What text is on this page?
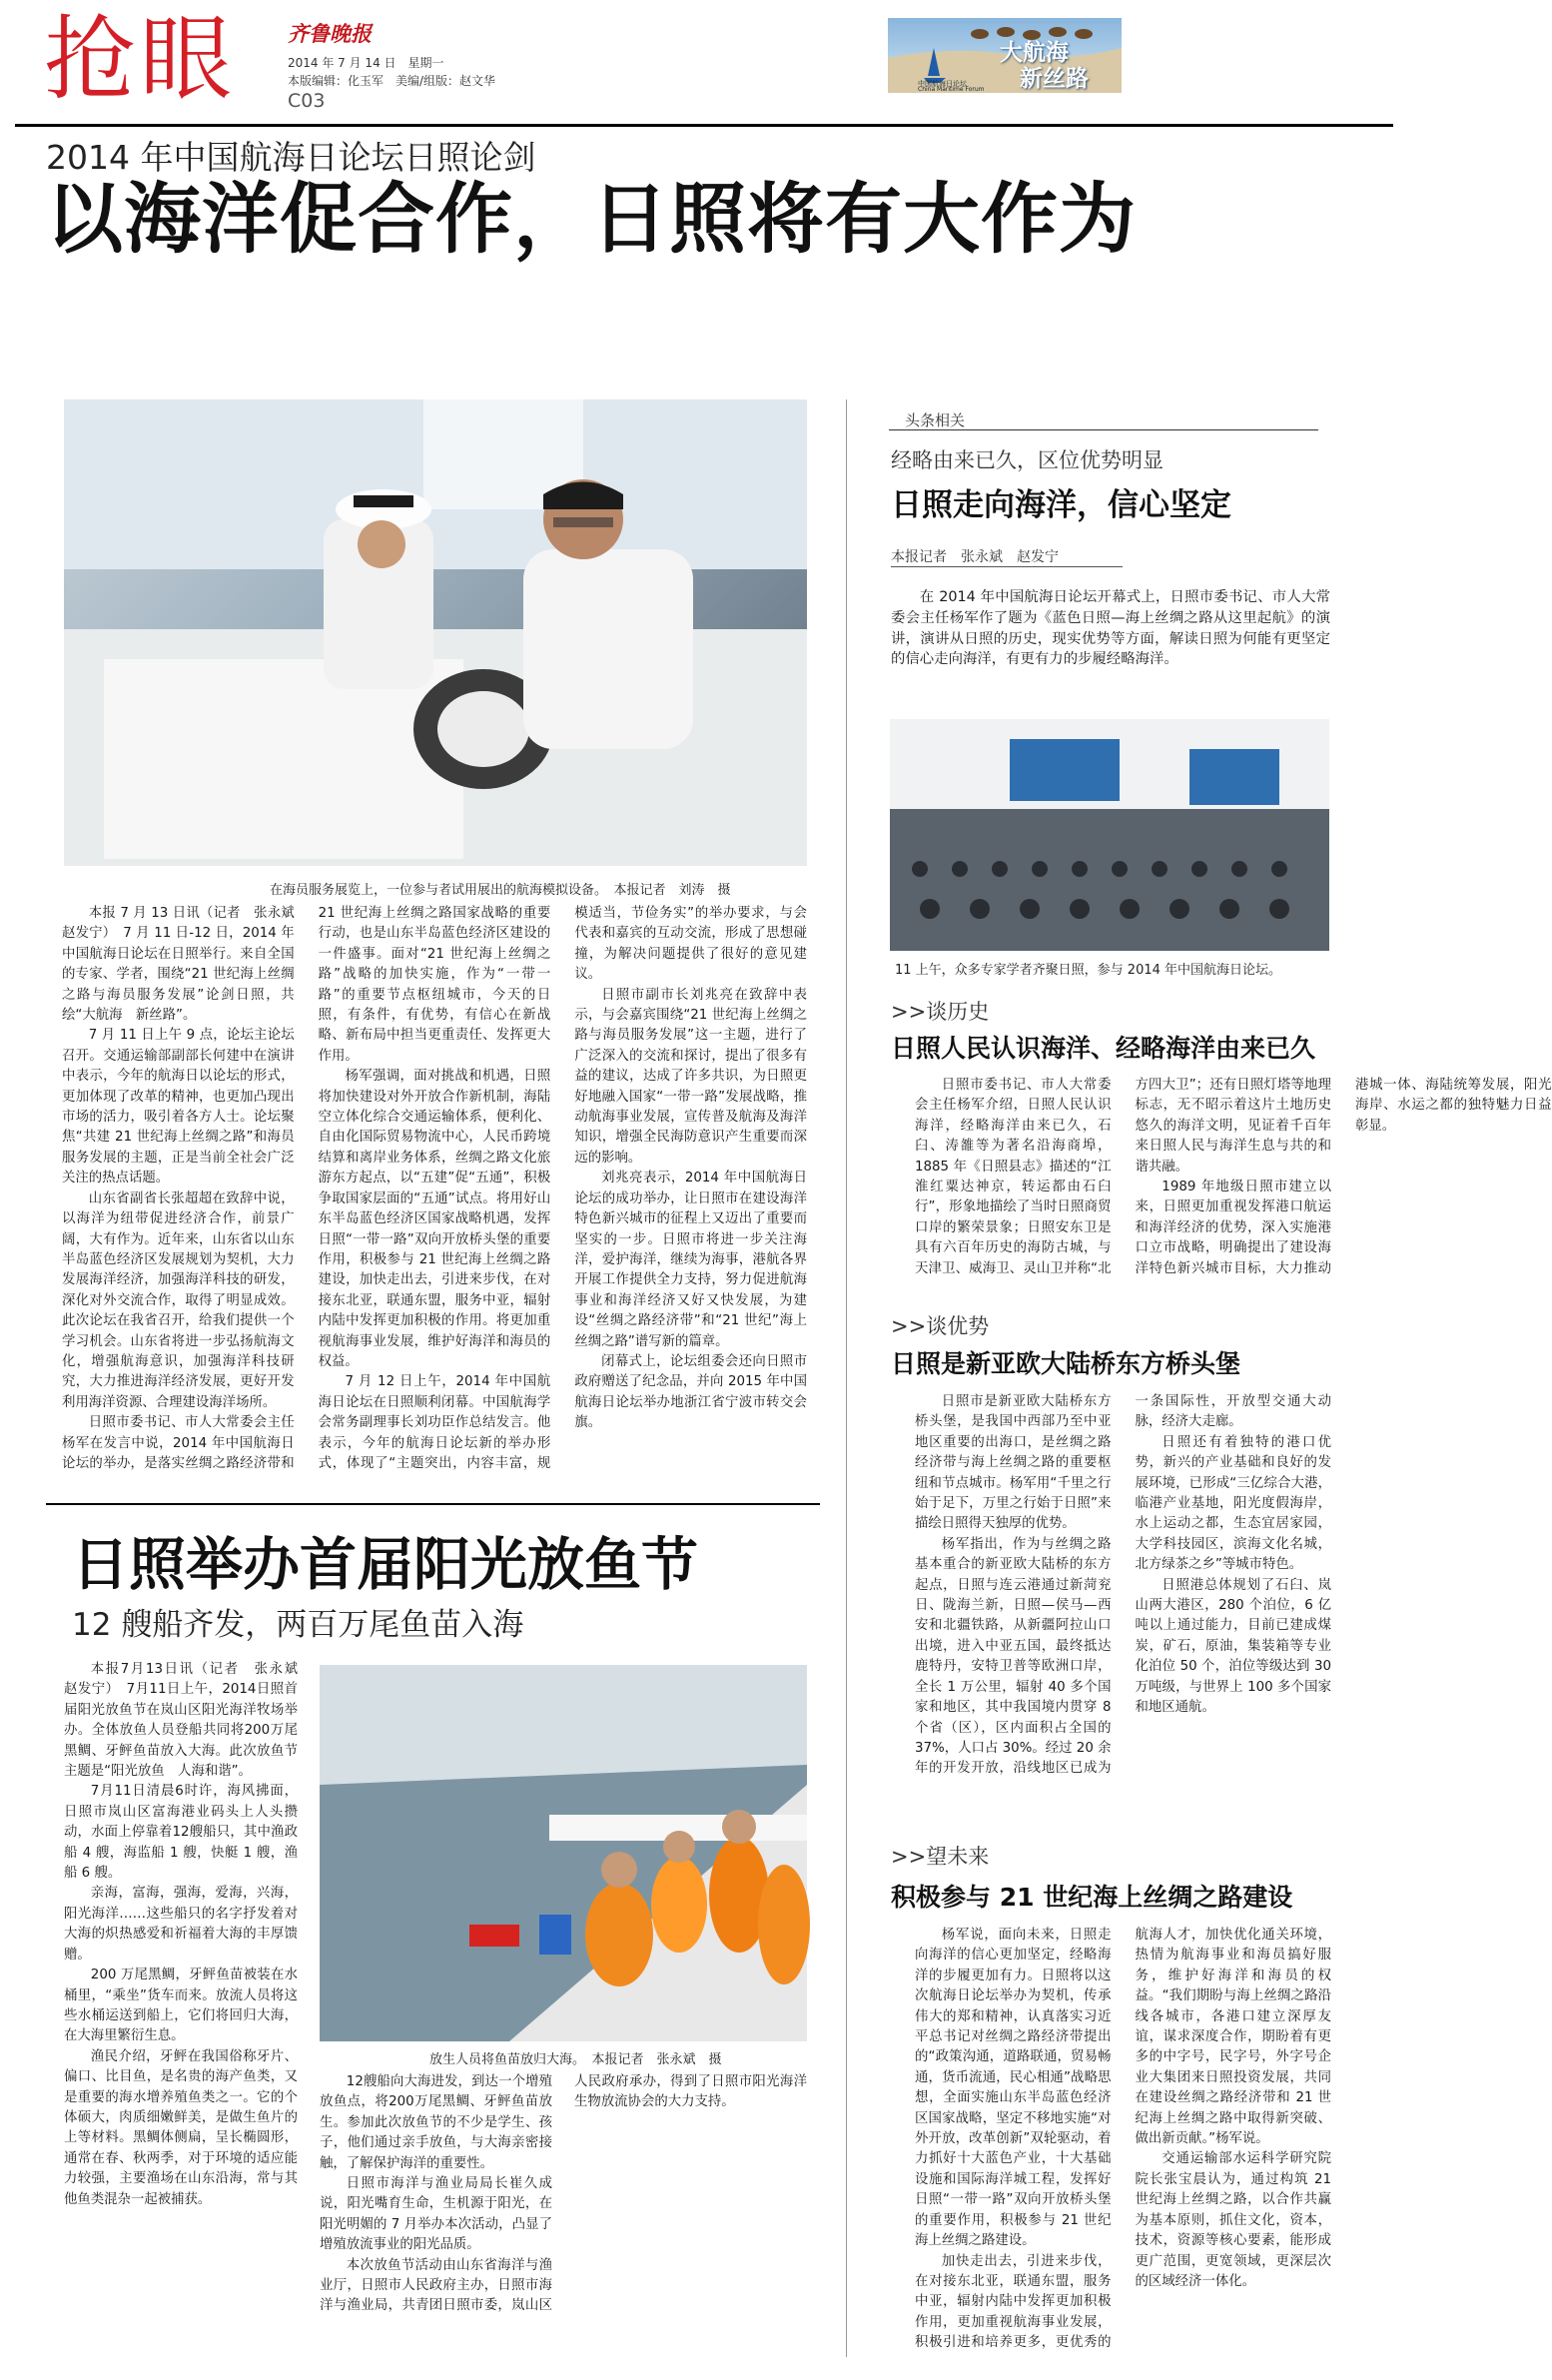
抢眼 齐鲁晚报
2014 年 7 月 14 日　星期一
本版编辑：化玉军　美编/组版：赵文华
C03
大航海
新丝路
中国航海日论坛
China Maritime Forum
2014 年中国航海日论坛日照论剑
以海洋促合作，日照将有大作为
在海员服务展览上，一位参与者试用展出的航海模拟设备。　本报记者　刘涛　摄

本报 7 月 13 日讯（记者　张永斌　赵发宁）　7 月 11 日-12 日，2014 年中国航海日论坛在日照举行。来自全国的专家、学者，围绕“21 世纪海上丝绸之路与海员服务发展”论剑日照，共绘“大航海　新丝路”。

7 月 11 日上午 9 点，论坛主论坛召开。交通运输部副部长何建中在演讲中表示，今年的航海日以论坛的形式，更加体现了改革的精神，也更加凸现出市场的活力，吸引着各方人士。论坛聚焦“共建 21 世纪海上丝绸之路”和海员服务发展的主题，正是当前全社会广泛关注的热点话题。

山东省副省长张超超在致辞中说，以海洋为纽带促进经济合作，前景广阔，大有作为。近年来，山东省以山东半岛蓝色经济区发展规划为契机，大力发展海洋经济，加强海洋科技的研发，深化对外交流合作，取得了明显成效。此次论坛在我省召开，给我们提供一个学习机会。山东省将进一步弘扬航海文化，增强航海意识，加强海洋科技研究，大力推进海洋经济发展，更好开发利用海洋资源、合理建设海洋场所。

日照市委书记、市人大常委会主任杨军在发言中说，2014 年中国航海日论坛的举办，是落实丝绸之路经济带和 21 世纪海上丝绸之路国家战略的重要行动，也是山东半岛蓝色经济区建设的一件盛事。面对“21 世纪海上丝绸之路”战略的加快实施，作为“一带一路”的重要节点枢纽城市，今天的日照，有条件，有优势，有信心在新战略、新布局中担当更重责任、发挥更大作用。

杨军强调，面对挑战和机遇，日照将加快建设对外开放合作新机制，海陆空立体化综合交通运输体系，便利化、自由化国际贸易物流中心，人民币跨境结算和离岸业务体系，丝绸之路文化旅游东方起点，以“五建”促“五通”，积极争取国家层面的“五通”试点。将用好山东半岛蓝色经济区国家战略机遇，发挥日照“一带一路”双向开放桥头堡的重要作用，积极参与 21 世纪海上丝绸之路建设，加快走出去，引进来步伐，在对接东北亚，联通东盟，服务中亚，辐射内陆中发挥更加积极的作用。将更加重视航海事业发展，维护好海洋和海员的权益。

7 月 12 日上午，2014 年中国航海日论坛在日照顺利闭幕。中国航海学会常务副理事长刘功臣作总结发言。他表示，今年的航海日论坛新的举办形式，体现了“主题突出，内容丰富，规模适当，节俭务实”的举办要求，与会代表和嘉宾的互动交流，形成了思想碰撞，为解决问题提供了很好的意见建议。

日照市副市长刘兆亮在致辞中表示，与会嘉宾围绕“21 世纪海上丝绸之路与海员服务发展”这一主题，进行了广泛深入的交流和探讨，提出了很多有益的建议，达成了许多共识，为日照更好地融入国家“一带一路”发展战略，推动航海事业发展，宣传普及航海及海洋知识，增强全民海防意识产生重要而深远的影响。

刘兆亮表示，2014 年中国航海日论坛的成功举办，让日照市在建设海洋特色新兴城市的征程上又迈出了重要而坚实的一步。日照市将进一步关注海洋，爱护海洋，继续为海事，港航各界开展工作提供全力支持，努力促进航海事业和海洋经济又好又快发展，为建设“丝绸之路经济带”和“21 世纪”海上丝绸之路”谱写新的篇章。

闭幕式上，论坛组委会还向日照市政府赠送了纪念品，并向 2015 年中国航海日论坛举办地浙江省宁波市转交会旗。

日照举办首届阳光放鱼节
12 艘船齐发，两百万尾鱼苗入海
放生人员将鱼苗放归大海。　本报记者　张永斌　摄

本报7月13日讯（记者　张永斌　赵发宁）　7月11日上午，2014日照首届阳光放鱼节在岚山区阳光海洋牧场举办。全体放鱼人员登船共同将200万尾黑鲷、牙鲆鱼苗放入大海。此次放鱼节主题是“阳光放鱼　人海和谐”。

7月11日清晨6时许，海风拂面，日照市岚山区富海港业码头上人头攒动，水面上停靠着12艘船只，其中渔政船 4 艘，海监船 1 艘，快艇 1 艘，渔船 6 艘。

亲海，富海，强海，爱海，兴海，阳光海洋……这些船只的名字抒发着对大海的炽热感爱和祈福着大海的丰厚馈赠。

200 万尾黑鲷，牙鲆鱼苗被装在水桶里，“乘坐”货车而来。放流人员将这些水桶运送到船上，它们将回归大海，在大海里繁衍生息。

渔民介绍，牙鲆在我国俗称牙片、偏口、比目鱼，是名贵的海产鱼类，又是重要的海水增养殖鱼类之一。它的个体硕大，肉质细嫩鲜美，是做生鱼片的上等材料。黑鲷体侧扁，呈长椭圆形，通常在春、秋两季，对于环境的适应能力较强，主要渔场在山东沿海，常与其他鱼类混杂一起被捕获。

12艘船向大海进发，到达一个增殖放鱼点，将200万尾黑鲷、牙鲆鱼苗放生。参加此次放鱼节的不少是学生、孩子，他们通过亲手放鱼，与大海亲密接触，了解保护海洋的重要性。

日照市海洋与渔业局局长崔久成说，阳光嘴育生命，生机源于阳光，在阳光明媚的 7 月举办本次活动，凸显了增殖放流事业的阳光品质。

本次放鱼节活动由山东省海洋与渔业厅，日照市人民政府主办，日照市海洋与渔业局，共青团日照市委，岚山区人民政府承办，得到了日照市阳光海洋生物放流协会的大力支持。

头条相关
经略由来已久，区位优势明显
日照走向海洋，信心坚定
本报记者　张永斌　赵发宁

在 2014 年中国航海日论坛开幕式上，日照市委书记、市人大常委会主任杨军作了题为《蓝色日照—海上丝绸之路从这里起航》的演讲，演讲从日照的历史，现实优势等方面，解读日照为何能有更坚定的信心走向海洋，有更有力的步履经略海洋。

11 上午，众多专家学者齐聚日照，参与 2014 年中国航海日论坛。
>>谈历史
日照人民认识海洋、经略海洋由来已久

日照市委书记、市人大常委会主任杨军介绍，日照人民认识海洋，经略海洋由来已久，石臼、涛雒等为著名沿海商埠，1885 年《日照县志》描述的“江淮红粟达神京，转运都由石臼行”，形象地描绘了当时日照商贸口岸的繁荣景象；日照安东卫是具有六百年历史的海防古城，与天津卫、威海卫、灵山卫并称“北方四大卫”；还有日照灯塔等地理标志，无不昭示着这片土地历史悠久的海洋文明，见证着千百年来日照人民与海洋生息与共的和谐共融。

1989 年地级日照市建立以来，日照更加重视发挥港口航运和海洋经济的优势，深入实施港口立市战略，明确提出了建设海洋特色新兴城市目标，大力推动港城一体、海陆统筹发展，阳光海岸、水运之都的独特魅力日益彰显。

>>谈优势
日照是新亚欧大陆桥东方桥头堡

日照市是新亚欧大陆桥东方桥头堡，是我国中西部乃至中亚地区重要的出海口，是丝绸之路经济带与海上丝绸之路的重要枢纽和节点城市。杨军用“千里之行始于足下，万里之行始于日照”来描绘日照得天独厚的优势。

杨军指出，作为与丝绸之路基本重合的新亚欧大陆桥的东方起点，日照与连云港通过新菏兖日、陇海兰新，日照—侯马—西安和北疆铁路，从新疆阿拉山口出境，进入中亚五国，最终抵达鹿特丹，安特卫普等欧洲口岸，全长 1 万公里，辐射 40 多个国家和地区，其中我国境内贯穿 8 个省（区），区内面积占全国的 37%，人口占 30%。经过 20 余年的开发开放，沿线地区已成为一条国际性，开放型交通大动脉，经济大走廊。

日照还有着独特的港口优势，新兴的产业基础和良好的发展环境，已形成“三亿综合大港，临港产业基地，阳光度假海岸，水上运动之都，生态宜居家园，大学科技园区，滨海文化名城，北方绿茶之乡”等城市特色。

日照港总体规划了石臼、岚山两大港区，280 个泊位，6 亿吨以上通过能力，目前已建成煤炭，矿石，原油，集装箱等专业化泊位 50 个，泊位等级达到 30 万吨级，与世界上 100 多个国家和地区通航。

>>望未来
积极参与 21 世纪海上丝绸之路建设

杨军说，面向未来，日照走向海洋的信心更加坚定，经略海洋的步履更加有力。日照将以这次航海日论坛举办为契机，传承伟大的郑和精神，认真落实习近平总书记对丝绸之路经济带提出的“政策沟通，道路联通，贸易畅通，货币流通，民心相通”战略思想，全面实施山东半岛蓝色经济区国家战略，坚定不移地实施“对外开放，改革创新”双轮驱动，着力抓好十大蓝色产业，十大基础设施和国际海洋城工程，发挥好日照“一带一路”双向开放桥头堡的重要作用，积极参与 21 世纪海上丝绸之路建设。

加快走出去，引进来步伐，在对接东北亚，联通东盟，服务中亚，辐射内陆中发挥更加积极作用，更加重视航海事业发展，积极引进和培养更多，更优秀的航海人才，加快优化通关环境，热情为航海事业和海员搞好服务，维护好海洋和海员的权益。“我们期盼与海上丝绸之路沿线各城市，各港口建立深厚友谊，谋求深度合作，期盼着有更多的中字号，民字号，外字号企业大集团来日照投资发展，共同在建设丝绸之路经济带和 21 世纪海上丝绸之路中取得新突破、做出新贡献。”杨军说。

交通运输部水运科学研究院院长张宝晨认为，通过构筑 21 世纪海上丝绸之路，以合作共赢为基本原则，抓住文化，资本，技术，资源等核心要素，能形成更广范围，更宽领域，更深层次的区域经济一体化。
